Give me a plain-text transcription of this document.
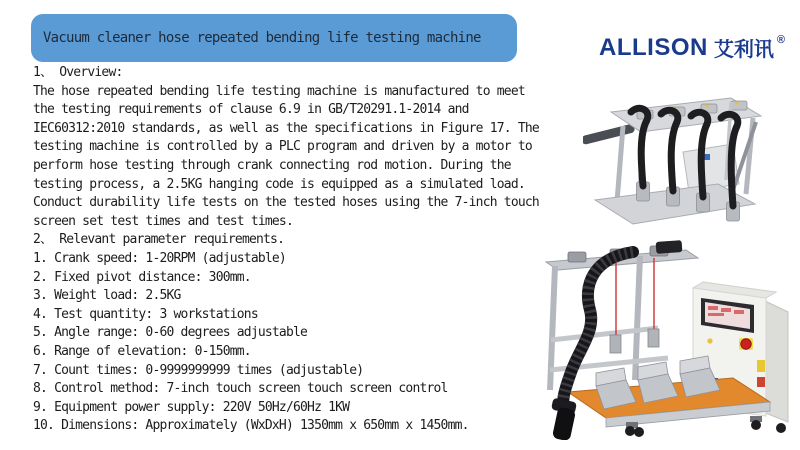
Vacuum cleaner hose repeated bending life testing machine	ALLISON 艾利讯 ®
1、 Overview:
The hose repeated bending life testing machine is manufactured to meet
the testing requirements of clause 6.9 in GB/T20291.1-2014 and
IEC60312:2010 standards, as well as the specifications in Figure 17. The
testing machine is controlled by a PLC program and driven by a motor to
perform hose testing through crank connecting rod motion. During the
testing process, a 2.5KG hanging code is equipped as a simulated load.
Conduct durability life tests on the tested hoses using the 7-inch touch
screen set test times and test times.
2、 Relevant parameter requirements.
1. Crank speed: 1-20RPM (adjustable)
2. Fixed pivot distance: 300mm.
3. Weight load: 2.5KG
4. Test quantity: 3 workstations
5. Angle range: 0-60 degrees adjustable
6. Range of elevation: 0-150mm.
7. Count times: 0-9999999999 times (adjustable)
8. Control method: 7-inch touch screen touch screen control
9. Equipment power supply: 220V 50Hz/60Hz 1KW
10. Dimensions: Approximately (WxDxH) 1350mm x 650mm x 1450mm.
